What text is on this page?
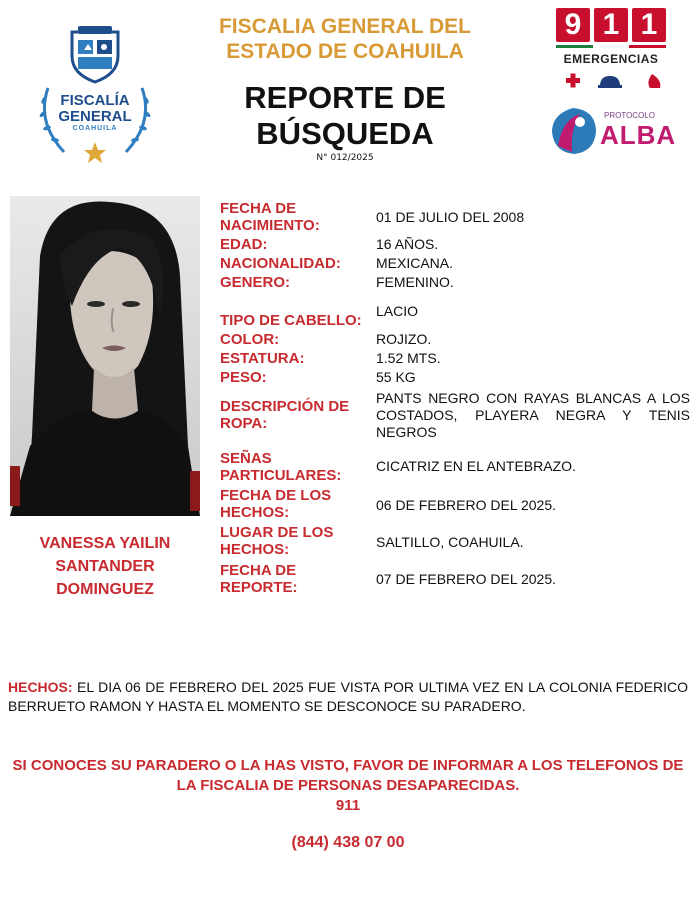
FISCALÍA
GENERAL
COAHUILA
FISCALIA GENERAL DEL ESTADO DE COAHUILA
REPORTE DE BÚSQUEDA
N° 012/2025
9 1 1
EMERGENCIAS
PROTOCOLO
ALBA
VANESSA YAILIN
SANTANDER
DOMINGUEZ
FECHA DE NACIMIENTO:	01 DE JULIO DEL 2008
EDAD:	16 AÑOS.
NACIONALIDAD:	MEXICANA.
GENERO:	FEMENINO.
TIPO DE CABELLO:
LACIO
COLOR:	ROJIZO.
ESTATURA:	1.52 MTS.
PESO:	55 KG
DESCRIPCIÓN DE ROPA:
PANTS NEGRO CON RAYAS BLANCAS A LOS COSTADOS, PLAYERA NEGRA Y TENIS NEGROS
SEÑAS PARTICULARES:
CICATRIZ EN EL ANTEBRAZO.
FECHA DE LOS HECHOS:	06 DE FEBRERO DEL 2025.
LUGAR DE LOS HECHOS:	SALTILLO, COAHUILA.
FECHA DE REPORTE:	07 DE FEBRERO DEL 2025.
HECHOS: EL DIA 06 DE FEBRERO DEL 2025 FUE VISTA POR ULTIMA VEZ EN LA COLONIA FEDERICO BERRUETO RAMON Y HASTA EL MOMENTO SE DESCONOCE SU PARADERO.
SI CONOCES SU PARADERO O LA HAS VISTO, FAVOR DE INFORMAR A LOS TELEFONOS DE LA FISCALIA DE PERSONAS DESAPARECIDAS.
911
(844) 438 07 00
